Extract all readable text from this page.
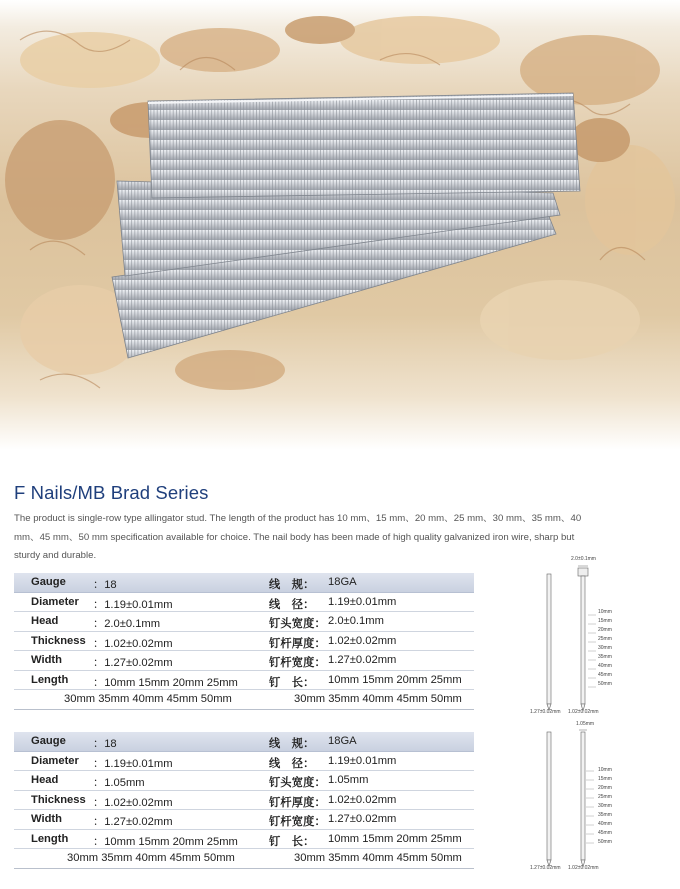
F Nails/MB Brad Series

The product is single-row type allingator stud. The length of the product has 10 mm、15 mm、20 mm、25 mm、30 mm、35 mm、40 mm、45 mm、50 mm specification available for choice. The nail body has been made of high quality galvanized iron wire, sharp but sturdy and durable.

Gauge ：18	线　规： 18GA
Diameter ：1.19±0.01mm	线　径： 1.19±0.01mm
Head	：2.0±0.1mm	钉头宽度： 2.0±0.1mm
Thickness ：1.02±0.02mm	钉杆厚度： 1.02±0.02mm
Width	：1.27±0.02mm	钉杆宽度： 1.27±0.02mm
Length ：10mm 15mm 20mm 25mm	钉　长： 10mm 15mm 20mm 25mm
30mm 35mm 40mm 45mm 50mm	30mm 35mm 40mm 45mm 50mm
Gauge ：18	线　规： 18GA
Diameter ：1.19±0.01mm	线　径： 1.19±0.01mm
Head	：1.05mm	钉头宽度： 1.05mm
Thickness ：1.02±0.02mm	钉杆厚度： 1.02±0.02mm
Width	：1.27±0.02mm	钉杆宽度： 1.27±0.02mm
Length ：10mm 15mm 20mm 25mm	钉　长： 10mm 15mm 20mm 25mm
30mm 35mm 40mm 45mm 50mm	30mm 35mm 40mm 45mm 50mm
2.0±0.1mm
1.27±0.02mm 1.02±0.02mm
10mm
15mm
20mm
25mm
30mm
35mm
40mm
45mm
50mm
1.05mm
1.27±0.02mm 1.02±0.02mm
10mm
15mm
20mm
25mm
30mm
35mm
40mm
45mm
50mm
